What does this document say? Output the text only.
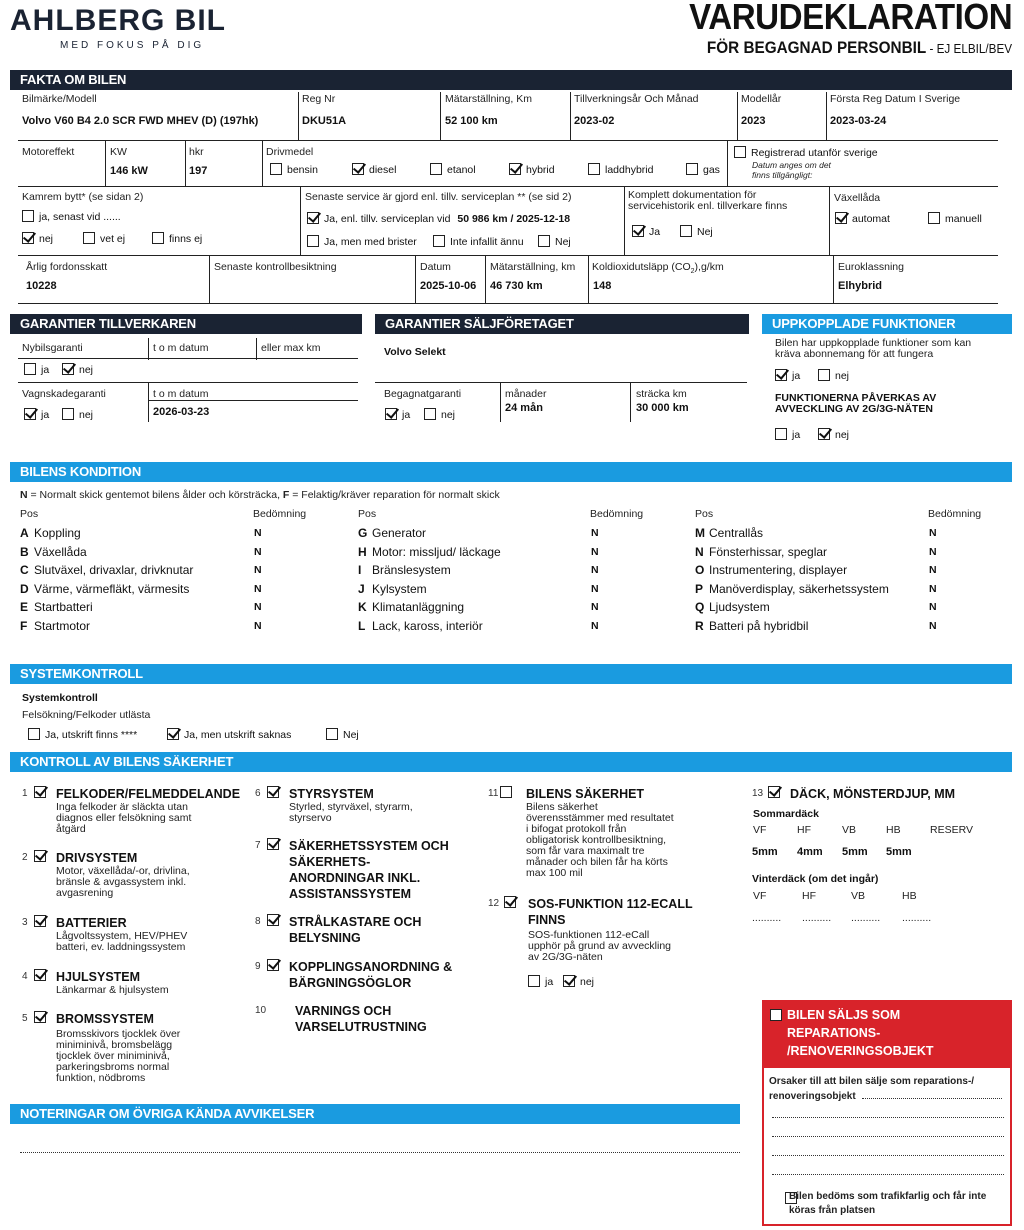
AHLBERG BIL
MED FOKUS PÅ DIG
VARUDEKLARATION
FÖR BEGAGNAD PERSONBIL - EJ ELBIL/BEV
FAKTA OM BILEN
Bilmärke/Modell
Volvo V60 B4 2.0 SCR FWD MHEV (D) (197hk)
Reg Nr
DKU51A
Mätarställning, Km
52 100 km
Tillverkningsår Och Månad
2023-02
Modellår
2023
Första Reg Datum I Sverige
2023-03-24
Motoreffekt	KW
146 kW
hkr
197
Drivmedel
bensin	diesel	etanol	hybrid	laddhybrid	gas
Registrerad utanför sverige
Datum anges om det
finns tillgängligt:
Kamrem bytt* (se sidan 2)
ja, senast vid ......
nej	vet ej	finns ej
Senaste service är gjord enl. tillv. serviceplan ** (se sid 2)
Ja, enl. tillv. serviceplan vid 50 986 km / 2025-12-18
Ja, men med brister	Inte infallit ännu	Nej
Komplett dokumentation för
servicehistorik enl. tillverkare finns
Ja	Nej
Växellåda
automat	manuell
Årlig fordonsskatt
10228
Senaste kontrollbesiktning	Datum
2025-10-06
Mätarställning, km
46 730 km
Koldioxidutsläpp $(CO_2),g/km$
148
Euroklassning
Elhybrid
GARANTIER TILLVERKAREN
Nybilsgaranti	t o m datum	eller max km
ja	nej
Vagnskadegaranti	t o m datum
2026-03-23
ja	nej
GARANTIER SÄLJFÖRETAGET
Volvo Selekt
Begagnatgaranti	månader
24 mån
sträcka km
30 000 km
ja	nej
UPPKOPPLADE FUNKTIONER
Bilen har uppkopplade funktioner som kan
kräva abonnemang för att fungera
ja	nej
FUNKTIONERNA PÅVERKAS AV
AVVECKLING AV 2G/3G-NÄTEN
ja	nej
BILENS KONDITION
N = Normalt skick gentemot bilens ålder och körsträcka, F = Felaktig/kräver reparation för normalt skick
Pos	Bedömning	Pos	Bedömning	Pos	Bedömning
A Koppling	N
B Växellåda	N
C Slutväxel, drivaxlar, drivknutar	N
D Värme, värmefläkt, värmesits	N
E Startbatteri	N
F Startmotor	N
G Generator	N
H Motor: missljud/ läckage	N
I Bränslesystem	N
J Kylsystem	N
K Klimatanläggning	N
L Lack, kaross, interiör	N
M Centrallås	N
N Fönsterhissar, speglar	N
O Instrumentering, displayer	N
P Manöverdisplay, säkerhetssystem	N
Q Ljudsystem	N
R Batteri på hybridbil	N
SYSTEMKONTROLL
Systemkontroll
Felsökning/Felkoder utlästa
Ja, utskrift finns ****	Ja, men utskrift saknas	Nej
KONTROLL AV BILENS SÄKERHET
1 FELKODER/FELMEDDELANDE
Inga felkoder är släckta utan
diagnos eller felsökning samt
åtgärd
2 DRIVSYSTEM
Motor, växellåda/-or, drivlina,
bränsle & avgassystem inkl.
avgasrening
3 BATTERIER
Lågvoltssystem, HEV/PHEV
batteri, ev. laddningssystem
4 HJULSYSTEM
Länkarmar & hjulsystem
5 BROMSSYSTEM
Bromsskivors tjocklek över
miniminivå, bromsbelägg
tjocklek över miniminivå,
parkeringsbroms normal
funktion, nödbroms
6 STYRSYSTEM
Styrled, styrväxel, styrarm,
styrservo
7 SÄKERHETSSYSTEM OCH
SÄKERHETS-
ANORDNINGAR INKL.
ASSISTANSSYSTEM
8 STRÅLKASTARE OCH
BELYSNING
9 KOPPLINGSANORDNING &
BÄRGNINGSÖGLOR
10 VARNINGS OCH
VARSELUTRUSTNING
11 BILENS SÄKERHET
Bilens säkerhet
överensstämmer med resultatet
i bifogat protokoll från
obligatorisk kontrollbesiktning,
som får vara maximalt tre
månader och bilen får ha körts
max 100 mil
12 SOS-FUNKTION 112-ECALL
FINNS
SOS-funktionen 112-eCall
upphör på grund av avveckling
av 2G/3G-näten
ja	nej
13 DÄCK, MÖNSTERDJUP, MM
Sommardäck
VF	HF	VB	HB	RESERV
5mm 4mm 5mm 5mm
Vinterdäck (om det ingår)
VF	HF	VB	HB
.......... .......... .......... ..........

BILEN SÄLJS SOM
REPARATIONS-
/RENOVERINGSOBJEKT
Orsaker till att bilen sälje som reparations-/
renoveringsobjekt
Bilen bedöms som trafikfarlig och får inte
köras från platsen
NOTERINGAR OM ÖVRIGA KÄNDA AVVIKELSER
